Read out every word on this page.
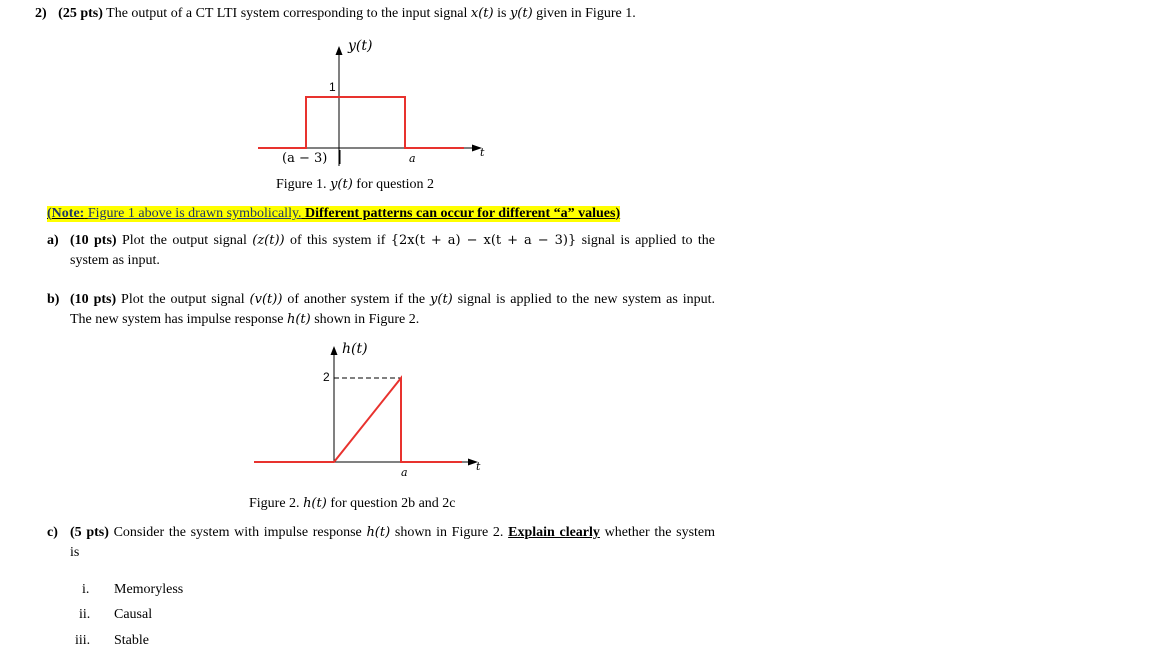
2) (25 pts) The output of a CT LTI system corresponding to the input signal x(t) is y(t) given in Figure 1.
y(t)
1
(a − 3)	a	t
Figure 1. y(t) for question 2
(Note: Figure 1 above is drawn symbolically. Different patterns can occur for different “a” values)
a) (10 pts) Plot the output signal (z(t)) of this system if {2x(t + a) − x(t + a − 3)} signal is applied to the
system as input.
b) (10 pts) Plot the output signal (v(t)) of another system if the y(t) signal is applied to the new system as input.
The new system has impulse response h(t) shown in Figure 2.
h(t)
2
a	t
Figure 2. h(t) for question 2b and 2c
c) (5 pts) Consider the system with impulse response h(t) shown in Figure 2. Explain clearly whether the system
is
i. Memoryless
ii. Causal
iii. Stable
